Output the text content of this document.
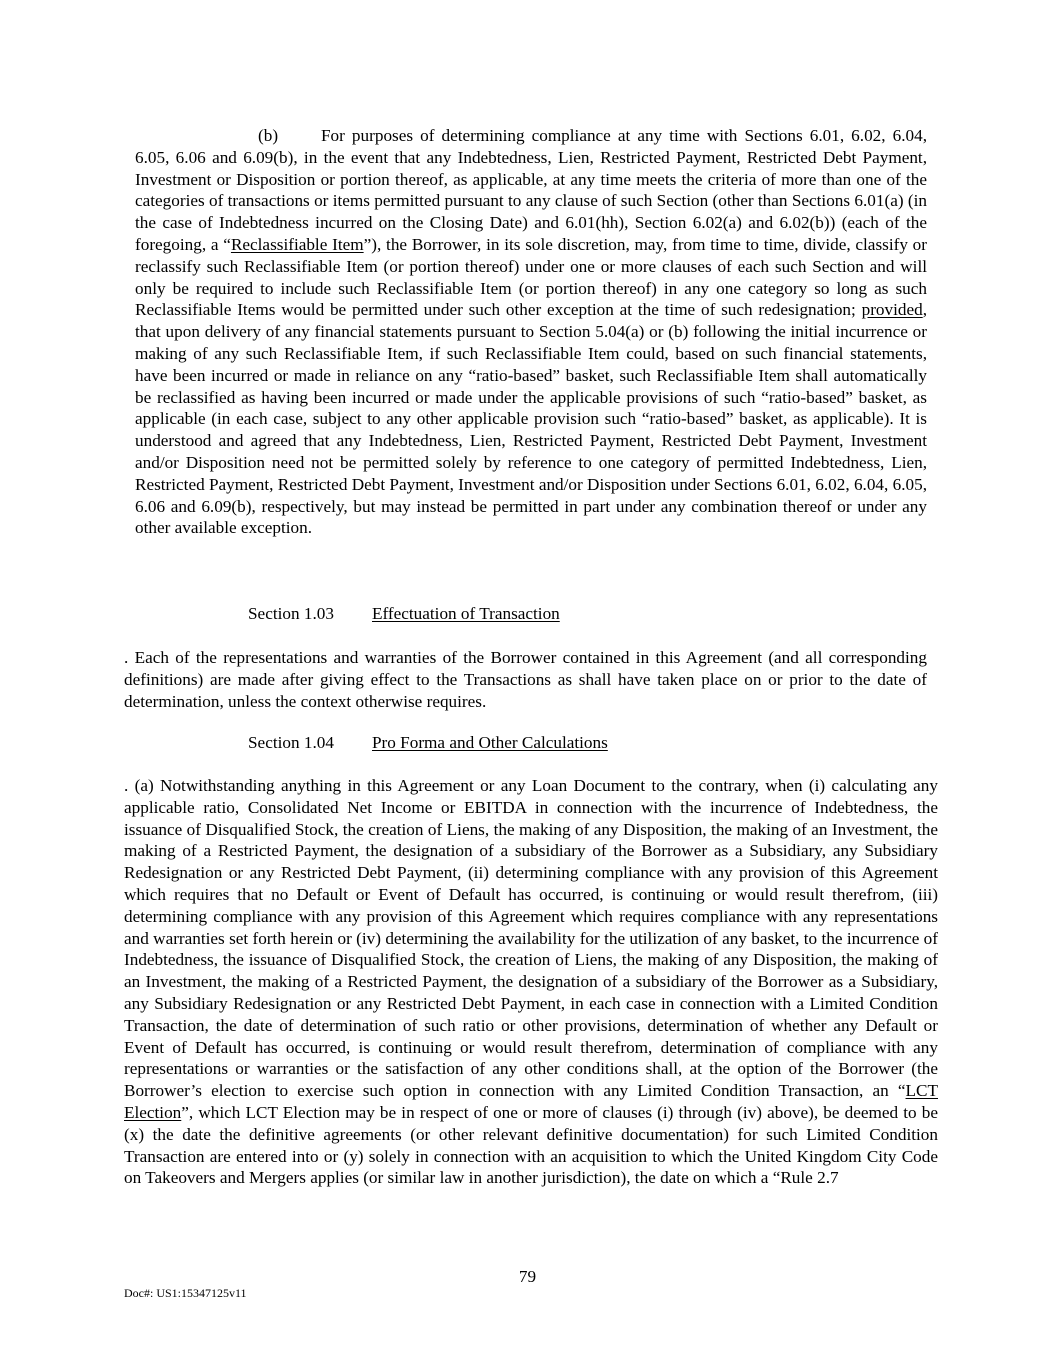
(b) For purposes of determining compliance at any time with Sections 6.01, 6.02, 6.04, 6.05, 6.06 and 6.09(b), in the event that any Indebtedness, Lien, Restricted Payment, Restricted Debt Payment, Investment or Disposition or portion thereof, as applicable, at any time meets the criteria of more than one of the categories of transactions or items permitted pursuant to any clause of such Section (other than Sections 6.01(a) (in the case of Indebtedness incurred on the Closing Date) and 6.01(hh), Section 6.02(a) and 6.02(b)) (each of the foregoing, a “Reclassifiable Item”), the Borrower, in its sole discretion, may, from time to time, divide, classify or reclassify such Reclassifiable Item (or portion thereof) under one or more clauses of each such Section and will only be required to include such Reclassifiable Item (or portion thereof) in any one category so long as such Reclassifiable Items would be permitted under such other exception at the time of such redesignation; provided, that upon delivery of any financial statements pursuant to Section 5.04(a) or (b) following the initial incurrence or making of any such Reclassifiable Item, if such Reclassifiable Item could, based on such financial statements, have been incurred or made in reliance on any “ratio-based” basket, such Reclassifiable Item shall automatically be reclassified as having been incurred or made under the applicable provisions of such “ratio-based” basket, as applicable (in each case, subject to any other applicable provision such “ratio-based” basket, as applicable). It is understood and agreed that any Indebtedness, Lien, Restricted Payment, Restricted Debt Payment, Investment and/or Disposition need not be permitted solely by reference to one category of permitted Indebtedness, Lien, Restricted Payment, Restricted Debt Payment, Investment and/or Disposition under Sections 6.01, 6.02, 6.04, 6.05, 6.06 and 6.09(b), respectively, but may instead be permitted in part under any combination thereof or under any other available exception.

Section 1.03 Effectuation of Transaction

. Each of the representations and warranties of the Borrower contained in this Agreement (and all corresponding definitions) are made after giving effect to the Transactions as shall have taken place on or prior to the date of determination, unless the context otherwise requires.

Section 1.04 Pro Forma and Other Calculations

. (a) Notwithstanding anything in this Agreement or any Loan Document to the contrary, when (i) calculating any applicable ratio, Consolidated Net Income or EBITDA in connection with the incurrence of Indebtedness, the issuance of Disqualified Stock, the creation of Liens, the making of any Disposition, the making of an Investment, the making of a Restricted Payment, the designation of a subsidiary of the Borrower as a Subsidiary, any Subsidiary Redesignation or any Restricted Debt Payment, (ii) determining compliance with any provision of this Agreement which requires that no Default or Event of Default has occurred, is continuing or would result therefrom, (iii) determining compliance with any provision of this Agreement which requires compliance with any representations and warranties set forth herein or (iv) determining the availability for the utilization of any basket, to the incurrence of Indebtedness, the issuance of Disqualified Stock, the creation of Liens, the making of any Disposition, the making of an Investment, the making of a Restricted Payment, the designation of a subsidiary of the Borrower as a Subsidiary, any Subsidiary Redesignation or any Restricted Debt Payment, in each case in connection with a Limited Condition Transaction, the date of determination of such ratio or other provisions, determination of whether any Default or Event of Default has occurred, is continuing or would result therefrom, determination of compliance with any representations or warranties or the satisfaction of any other conditions shall, at the option of the Borrower (the Borrower’s election to exercise such option in connection with any Limited Condition Transaction, an “LCT Election”, which LCT Election may be in respect of one or more of clauses (i) through (iv) above), be deemed to be (x) the date the definitive agreements (or other relevant definitive documentation) for such Limited Condition Transaction are entered into or (y) solely in connection with an acquisition to which the United Kingdom City Code on Takeovers and Mergers applies (or similar law in another jurisdiction), the date on which a “Rule 2.7

79
Doc#: US1:15347125v11
